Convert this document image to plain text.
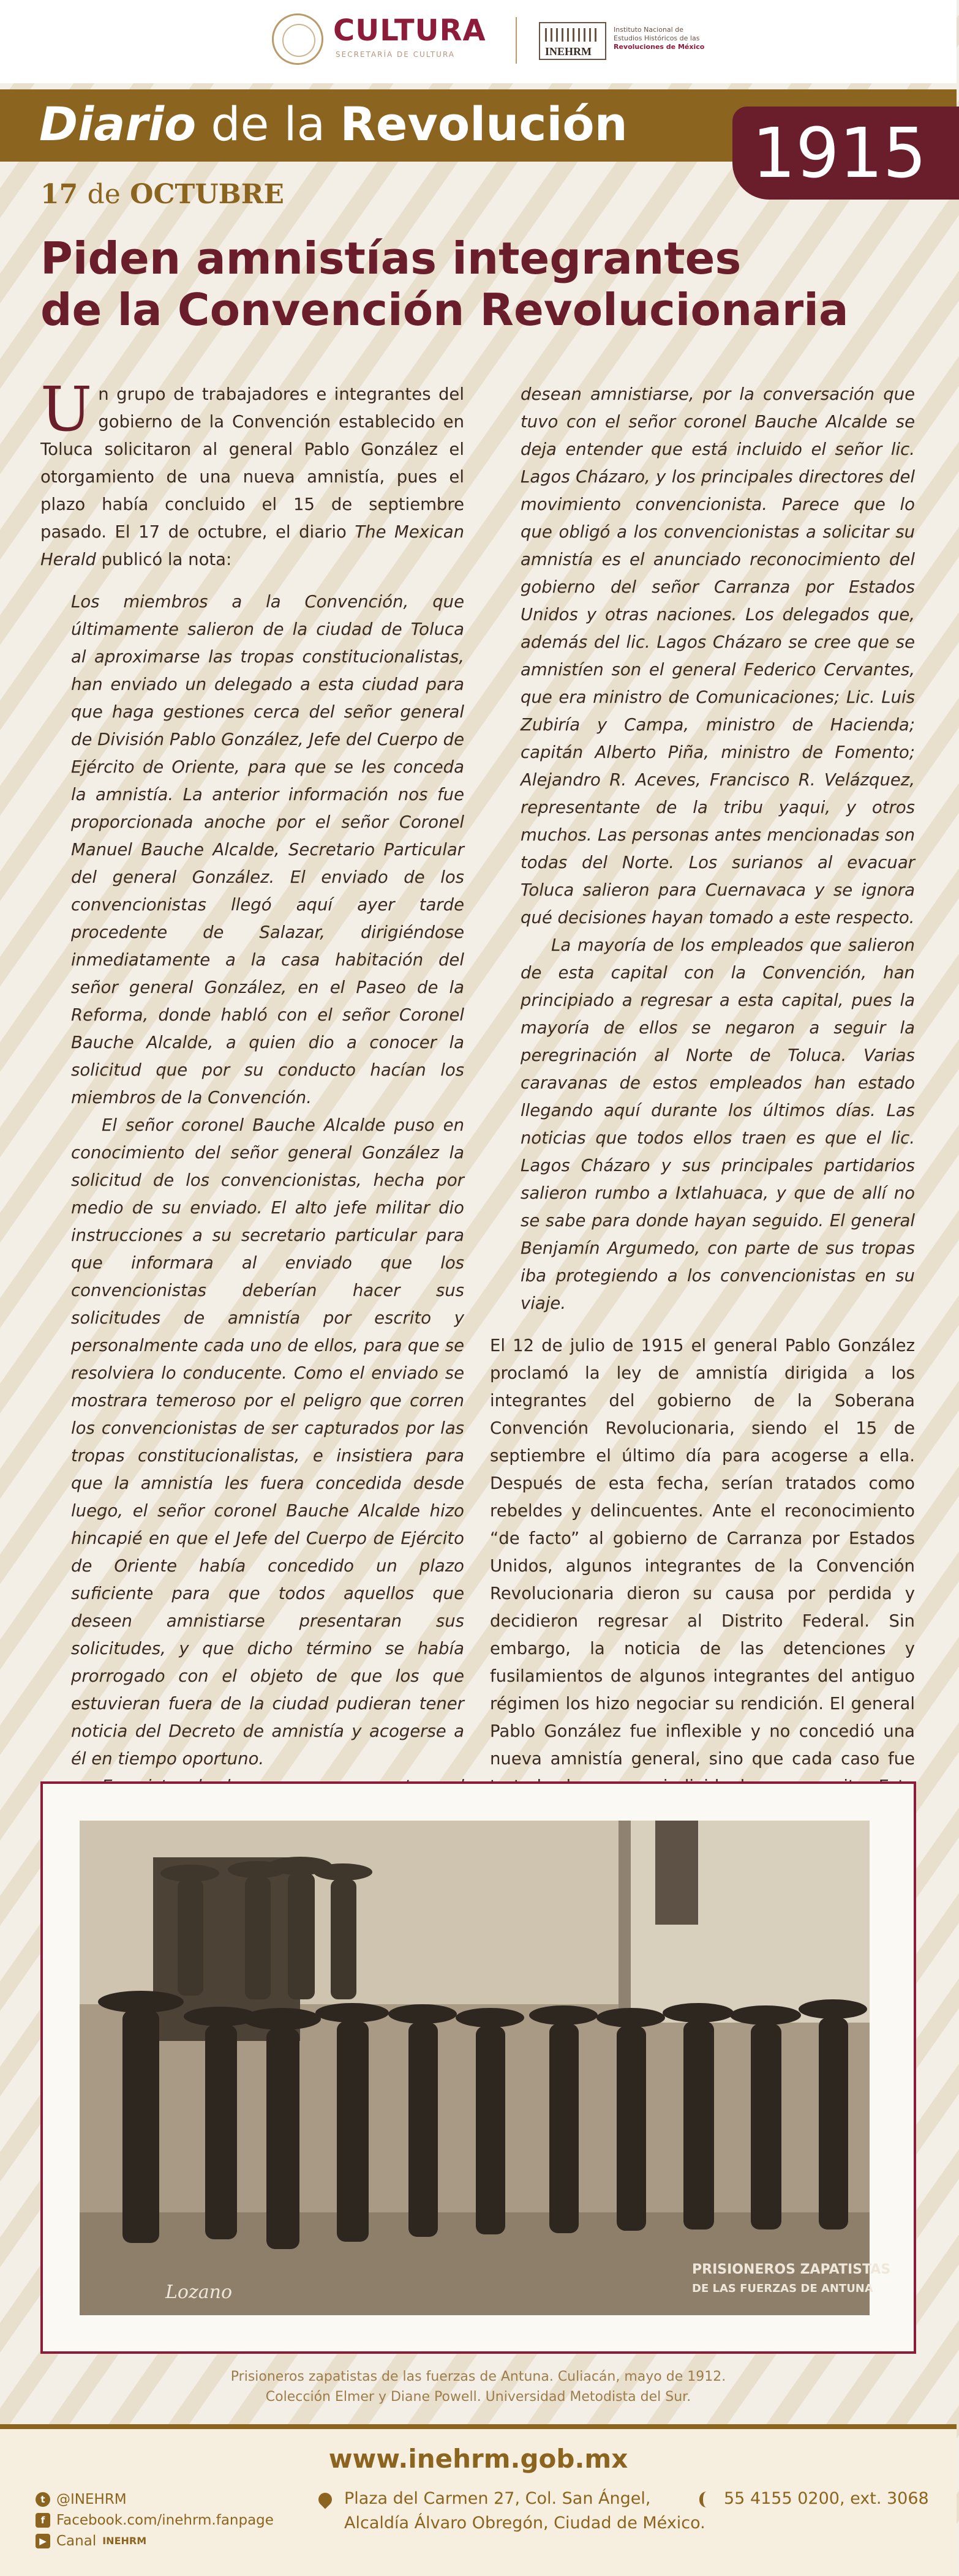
CULTURA
SECRETARÍA DE CULTURA	INEHRM
Instituto Nacional de
Estudios Históricos de las
Revoluciones de México
Diario de la Revolución 1915
17 de OCTUBRE
Piden amnistías integrantes
de la Convención Revolucionaria

Un grupo de trabajadores e integrantes del gobierno de la Convención establecido en Toluca solicitaron al general Pablo González el otorgamiento de una nueva amnistía, pues el plazo había concluido el 15 de septiembre pasado. El 17 de octubre, el diario The Mexican Herald publicó la nota:

Los miembros a la Convención, que últimamente salieron de la ciudad de Toluca al aproximarse las tropas constitucionalistas, han enviado un delegado a esta ciudad para que haga gestiones cerca del señor general de División Pablo González, Jefe del Cuerpo de Ejército de Oriente, para que se les conceda la amnistía. La anterior información nos fue proporcionada anoche por el señor Coronel Manuel Bauche Alcalde, Secretario Particular del general González. El enviado de los convencionistas llegó aquí ayer tarde procedente de Salazar, dirigiéndose inmediatamente a la casa habitación del señor general González, en el Paseo de la Reforma, donde habló con el señor Coronel Bauche Alcalde, a quien dio a conocer la solicitud que por su conducto hacían los miembros de la Convención.

El señor coronel Bauche Alcalde puso en conocimiento del señor general González la solicitud de los convencionistas, hecha por medio de su enviado. El alto jefe militar dio instrucciones a su secretario particular para que informara al enviado que los convencionistas deberían hacer sus solicitudes de amnistía por escrito y personalmente cada uno de ellos, para que se resolviera lo conducente. Como el enviado se mostrara temeroso por el peligro que corren los convencionistas de ser capturados por las tropas constitucionalistas, e insistiera para que la amnistía les fuera concedida desde luego, el señor coronel Bauche Alcalde hizo hincapié en que el Jefe del Cuerpo de Ejército de Oriente había concedido un plazo suficiente para que todos aquellos que deseen amnistiarse presentaran sus solicitudes, y que dicho término se había prorrogado con el objeto de que los que estuvieran fuera de la ciudad pudieran tener noticia del Decreto de amnistía y acogerse a él en tiempo oportuno.

desean amnistiarse, por la conversación que tuvo con el señor coronel Bauche Alcalde se deja entender que está incluido el señor lic. Lagos Cházaro, y los principales directores del movimiento convencionista. Parece que lo que obligó a los convencionistas a solicitar su amnistía es el anunciado reconocimiento del gobierno del señor Carranza por Estados Unidos y otras naciones. Los delegados que, además del lic. Lagos Cházaro se cree que se amnistíen son el general Federico Cervantes, que era ministro de Comunicaciones; Lic. Luis Zubiría y Campa, ministro de Hacienda; capitán Alberto Piña, ministro de Fomento; Alejandro R. Aceves, Francisco R. Velázquez, representante de la tribu yaqui, y otros muchos. Las personas antes mencionadas son todas del Norte. Los surianos al evacuar Toluca salieron para Cuernavaca y se ignora qué decisiones hayan tomado a este respecto.

La mayoría de los empleados que salieron de esta capital con la Convención, han principiado a regresar a esta capital, pues la mayoría de ellos se negaron a seguir la peregrinación al Norte de Toluca. Varias caravanas de estos empleados han estado llegando aquí durante los últimos días. Las noticias que todos ellos traen es que el lic. Lagos Cházaro y sus principales partidarios salieron rumbo a Ixtlahuaca, y que de allí no se sabe para donde hayan seguido. El general Benjamín Argumedo, con parte de sus tropas iba protegiendo a los convencionistas en su viaje.

El 12 de julio de 1915 el general Pablo González proclamó la ley de amnistía dirigida a los integrantes del gobierno de la Soberana Convención Revolucionaria, siendo el 15 de septiembre el último día para acogerse a ella. Después de esta fecha, serían tratados como rebeldes y delincuentes. Ante el reconocimiento “de facto” al gobierno de Carranza por Estados Unidos, algunos integrantes de la Convención Revolucionaria dieron su causa por perdida y decidieron regresar al Distrito Federal. Sin embargo, la noticia de las detenciones y fusilamientos de algunos integrantes del antiguo régimen los hizo negociar su rendición. El general Pablo González fue inflexible y no concedió una nueva amnistía general, sino que cada caso fue

PRISIONEROS ZAPATISTAS
DE LAS FUERZAS DE ANTUNA
Lozano
Prisioneros zapatistas de las fuerzas de Antuna. Culiacán, mayo de 1912.
Colección Elmer y Diane Powell. Universidad Metodista del Sur.
www.inehrm.gob.mx
t @INEHRM
f Facebook.com/inehrm.fanpage
▶ Canal INEHRM
Plaza del Carmen 27, Col. San Ángel,
Alcaldía Álvaro Obregón, Ciudad de México.
55 4155 0200, ext. 3068
